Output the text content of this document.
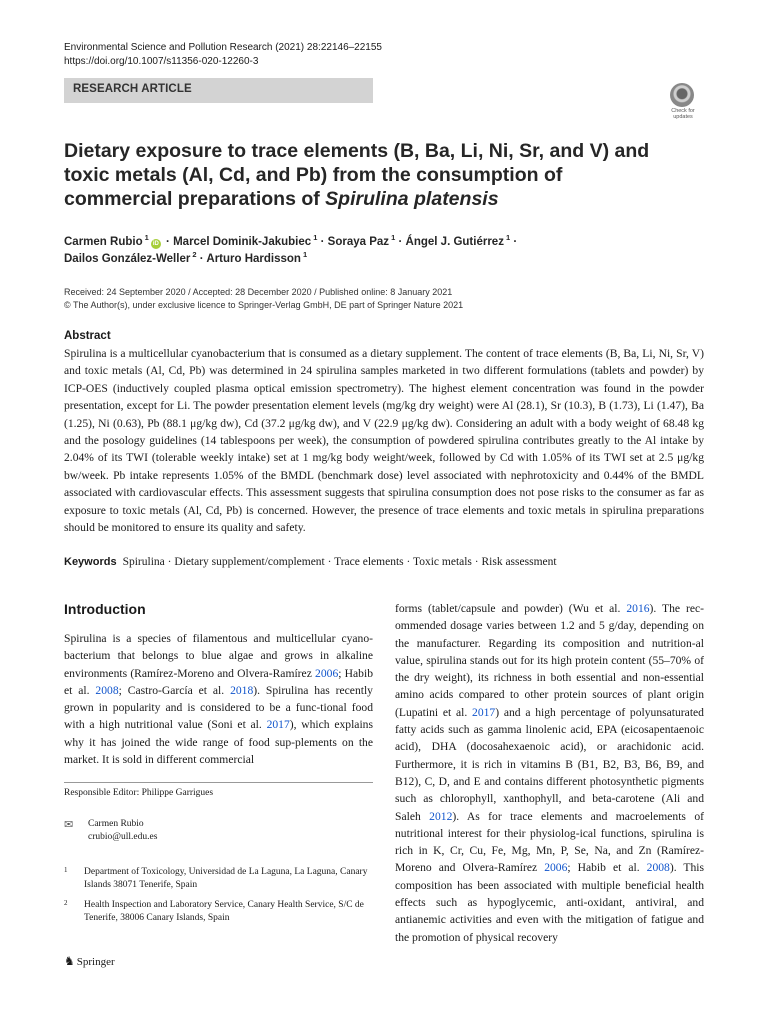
Environmental Science and Pollution Research (2021) 28:22146–22155
https://doi.org/10.1007/s11356-020-12260-3
RESEARCH ARTICLE
Check for updates
Dietary exposure to trace elements (B, Ba, Li, Ni, Sr, and V) and toxic metals (Al, Cd, and Pb) from the consumption of commercial preparations of Spirulina platensis
Carmen Rubio $^1$iD · Marcel Dominik-Jakubiec $^1$ · Soraya Paz $^1$ · Ángel J. Gutiérrez $^1$ ·
Dailos González-Weller $^2$ · Arturo Hardisson $^1$
Received: 24 September 2020 / Accepted: 28 December 2020 / Published online: 8 January 2021
© The Author(s), under exclusive licence to Springer-Verlag GmbH, DE part of Springer Nature 2021
Abstract

Spirulina is a multicellular cyanobacterium that is consumed as a dietary supplement. The content of trace elements (B, Ba, Li, Ni, Sr, V) and toxic metals (Al, Cd, Pb) was determined in 24 spirulina samples marketed in two different formulations (tablets and powder) by ICP-OES (inductively coupled plasma optical emission spectrometry). The highest element concentration was found in the powder presentation, except for Li. The powder presentation element levels (mg/kg dry weight) were Al (28.1), Sr (10.3), B (1.73), Li (1.47), Ba (1.25), Ni (0.63), Pb (88.1 μg/kg dw), Cd (37.2 μg/kg dw), and V (22.9 μg/kg dw). Considering an adult with a body weight of 68.48 kg and the posology guidelines (14 tablespoons per week), the consumption of powdered spirulina contributes greatly to the Al intake by 2.04% of its TWI (tolerable weekly intake) set at 1 mg/kg body weight/week, followed by Cd with 1.05% of its TWI set at 2.5 μg/kg bw/week. Pb intake represents 1.05% of the BMDL (benchmark dose) level associated with nephrotoxicity and 0.44% of the BMDL associated with cardiovascular effects. This assessment suggests that spirulina consumption does not pose risks to the consumer as far as exposure to toxic metals (Al, Cd, Pb) is concerned. However, the presence of trace elements and toxic metals in spirulina preparations should be monitored to ensure its quality and safety.

Keywords Spirulina · Dietary supplement/complement · Trace elements · Toxic metals · Risk assessment
Introduction

Spirulina is a species of filamentous and multicellular cyano-bacterium that belongs to blue algae and grows in alkaline environments (Ramírez-Moreno and Olvera-Ramírez 2006; Habib et al. 2008; Castro-García et al. 2018). Spirulina has recently grown in popularity and is considered to be a func-tional food with a high nutritional value (Soni et al. 2017), which explains why it has joined the wide range of food sup-plements on the market. It is sold in different commercial

forms (tablet/capsule and powder) (Wu et al. 2016). The rec-ommended dosage varies between 1.2 and 5 g/day, depending on the manufacturer. Regarding its composition and nutrition-al value, spirulina stands out for its high protein content (55–70% of the dry weight), its richness in both essential and non-essential amino acids compared to other protein sources of plant origin (Lupatini et al. 2017) and a high percentage of polyunsaturated fatty acids such as gamma linolenic acid, EPA (eicosapentaenoic acid), DHA (docosahexaenoic acid), or arachidonic acid. Furthermore, it is rich in vitamins B (B1, B2, B3, B6, B9, and B12), C, D, and E and contains different photosynthetic pigments such as chlorophyll, xanthophyll, and beta-carotene (Ali and Saleh 2012). As for trace elements and macroelements of nutritional interest for their physiolog-ical functions, spirulina is rich in K, Cr, Cu, Fe, Mg, Mn, P, Se, Na, and Zn (Ramírez-Moreno and Olvera-Ramírez 2006; Habib et al. 2008). This composition has been associated with multiple beneficial health effects such as hypoglycemic, anti-oxidant, antiviral, and antianemic activities and even with the mitigation of fatigue and the promotion of physical recovery

Responsible Editor: Philippe Garrigues
✉ Carmen Rubio
crubio@ull.edu.es
1 Department of Toxicology, Universidad de La Laguna, La Laguna, Canary Islands 38071 Tenerife, Spain
2 Health Inspection and Laboratory Service, Canary Health Service, S/C de Tenerife, 38006 Canary Islands, Spain
♞ Springer
